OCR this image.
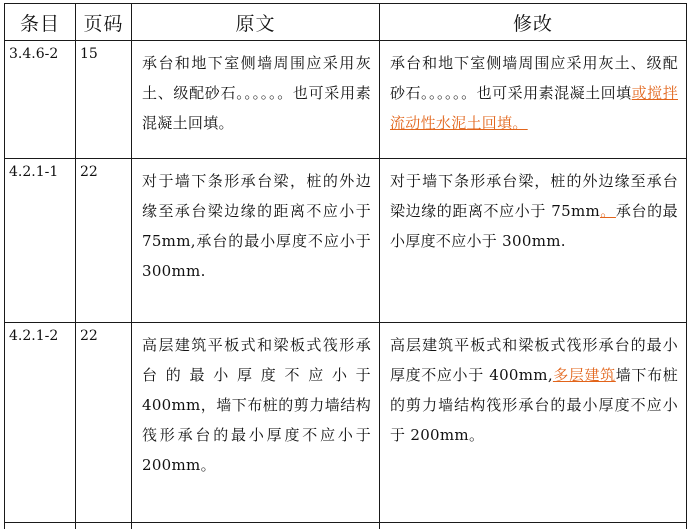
条目	页码	原文	修改
3.4.6-2	15	承台和地下室侧墙周围应采用灰土、级配砂石。。。。。。也可采用素混凝土回填。	承台和地下室侧墙周围应采用灰土、级配砂石。。。。。。也可采用素混凝土回填或搅拌流动性水泥土回填。
4.2.1-1	22	对于墙下条形承台梁，桩的外边缘至承台梁边缘的距离不应小于 75mm,承台的最小厚度不应小于 300mm.	对于墙下条形承台梁，桩的外边缘至承台梁边缘的距离不应小于 75mm。承台的最小厚度不应小于 300mm.
4.2.1-2	22	高层建筑平板式和梁板式筏形承台的最小厚度不应小于 400mm，墙下布桩的剪力墙结构筏形承台的最小厚度不应小于 200mm。	高层建筑平板式和梁板式筏形承台的最小厚度不应小于 400mm,多层建筑墙下布桩的剪力墙结构筏形承台的最小厚度不应小于 200mm。
